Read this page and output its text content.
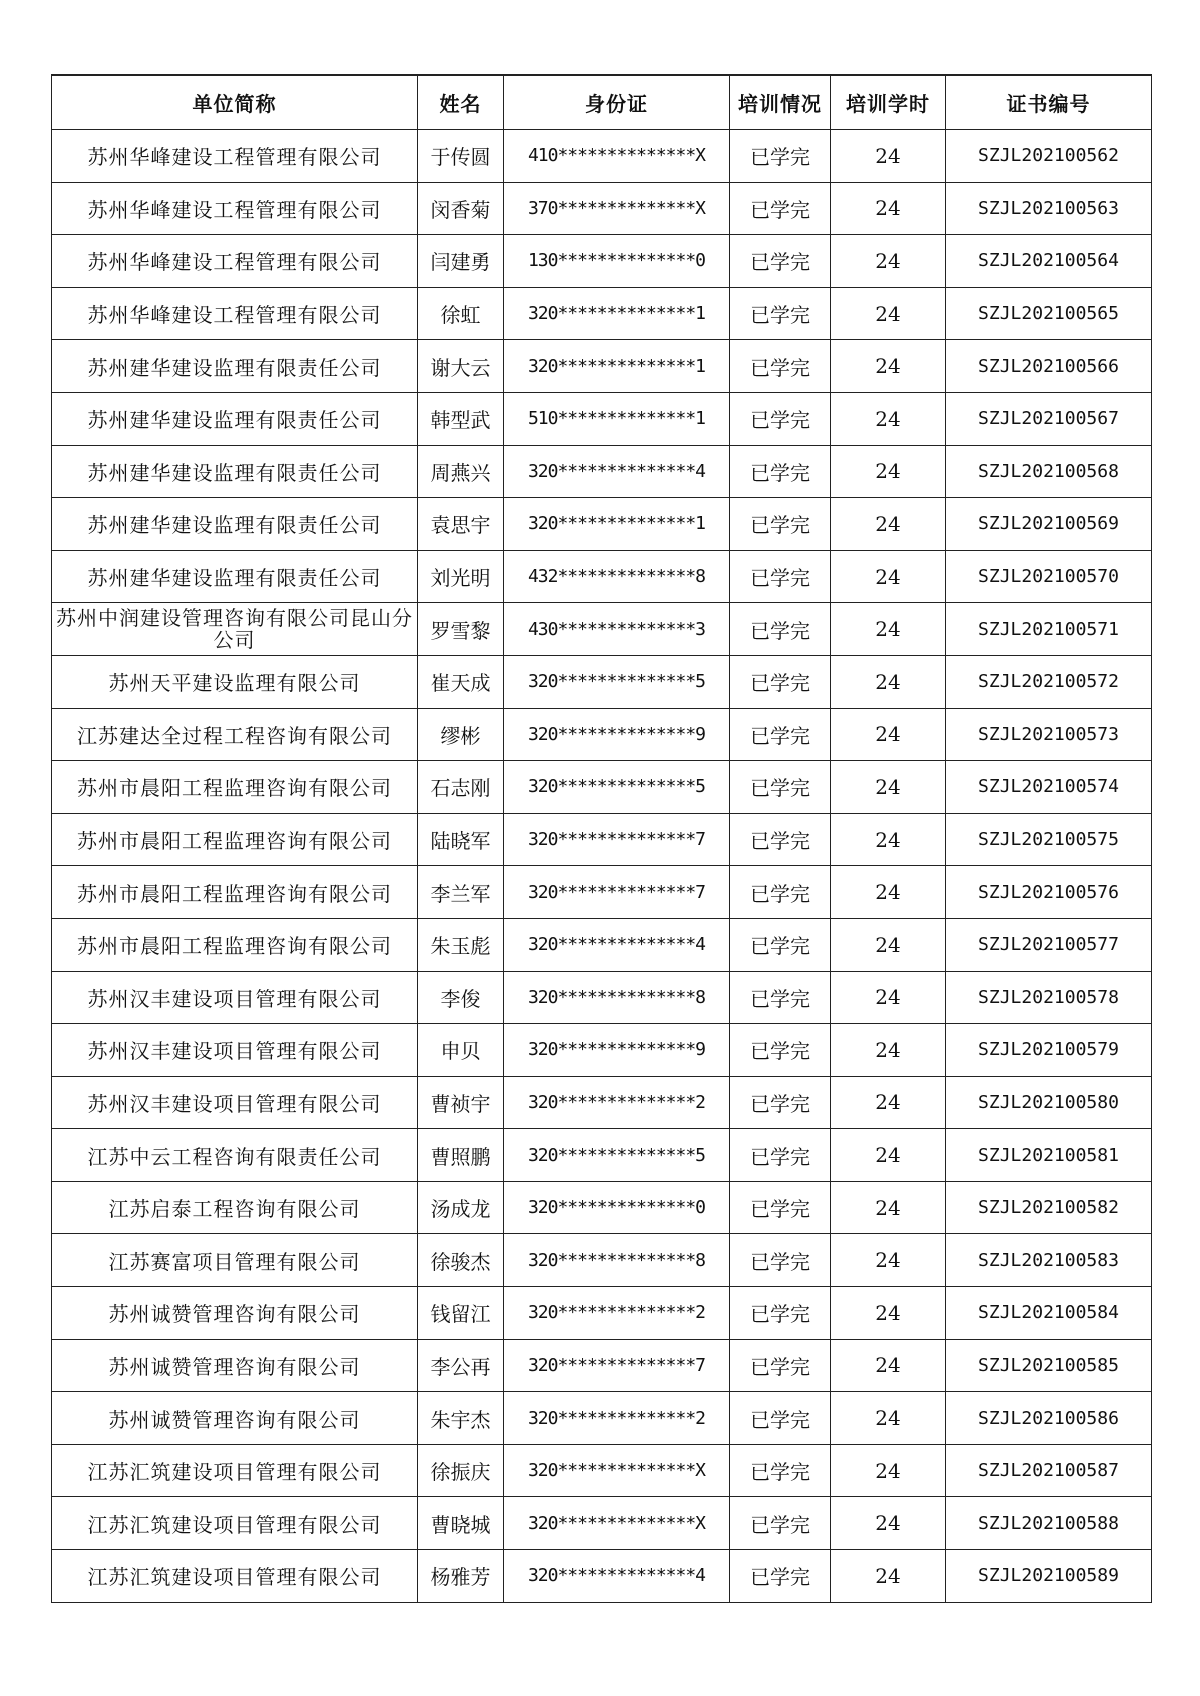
单位简称	姓名	身份证	培训情况	培训学时	证书编号
苏州华峰建设工程管理有限公司	于传圆	410**************X	已学完	24	SZJL202100562
苏州华峰建设工程管理有限公司	闵香菊	370**************X	已学完	24	SZJL202100563
苏州华峰建设工程管理有限公司	闫建勇	130**************0	已学完	24	SZJL202100564
苏州华峰建设工程管理有限公司	徐虹	320**************1	已学完	24	SZJL202100565
苏州建华建设监理有限责任公司	谢大云	320**************1	已学完	24	SZJL202100566
苏州建华建设监理有限责任公司	韩型武	510**************1	已学完	24	SZJL202100567
苏州建华建设监理有限责任公司	周燕兴	320**************4	已学完	24	SZJL202100568
苏州建华建设监理有限责任公司	袁思宇	320**************1	已学完	24	SZJL202100569
苏州建华建设监理有限责任公司	刘光明	432**************8	已学完	24	SZJL202100570
苏州中润建设管理咨询有限公司昆山分公司	罗雪黎	430**************3	已学完	24	SZJL202100571
苏州天平建设监理有限公司	崔天成	320**************5	已学完	24	SZJL202100572
江苏建达全过程工程咨询有限公司	缪彬	320**************9	已学完	24	SZJL202100573
苏州市晨阳工程监理咨询有限公司	石志刚	320**************5	已学完	24	SZJL202100574
苏州市晨阳工程监理咨询有限公司	陆晓军	320**************7	已学完	24	SZJL202100575
苏州市晨阳工程监理咨询有限公司	李兰军	320**************7	已学完	24	SZJL202100576
苏州市晨阳工程监理咨询有限公司	朱玉彪	320**************4	已学完	24	SZJL202100577
苏州汉丰建设项目管理有限公司	李俊	320**************8	已学完	24	SZJL202100578
苏州汉丰建设项目管理有限公司	申贝	320**************9	已学完	24	SZJL202100579
苏州汉丰建设项目管理有限公司	曹祯宇	320**************2	已学完	24	SZJL202100580
江苏中云工程咨询有限责任公司	曹照鹏	320**************5	已学完	24	SZJL202100581
江苏启泰工程咨询有限公司	汤成龙	320**************0	已学完	24	SZJL202100582
江苏赛富项目管理有限公司	徐骏杰	320**************8	已学完	24	SZJL202100583
苏州诚赞管理咨询有限公司	钱留江	320**************2	已学完	24	SZJL202100584
苏州诚赞管理咨询有限公司	李公再	320**************7	已学完	24	SZJL202100585
苏州诚赞管理咨询有限公司	朱宇杰	320**************2	已学完	24	SZJL202100586
江苏汇筑建设项目管理有限公司	徐振庆	320**************X	已学完	24	SZJL202100587
江苏汇筑建设项目管理有限公司	曹晓城	320**************X	已学完	24	SZJL202100588
江苏汇筑建设项目管理有限公司	杨雅芳	320**************4	已学完	24	SZJL202100589
